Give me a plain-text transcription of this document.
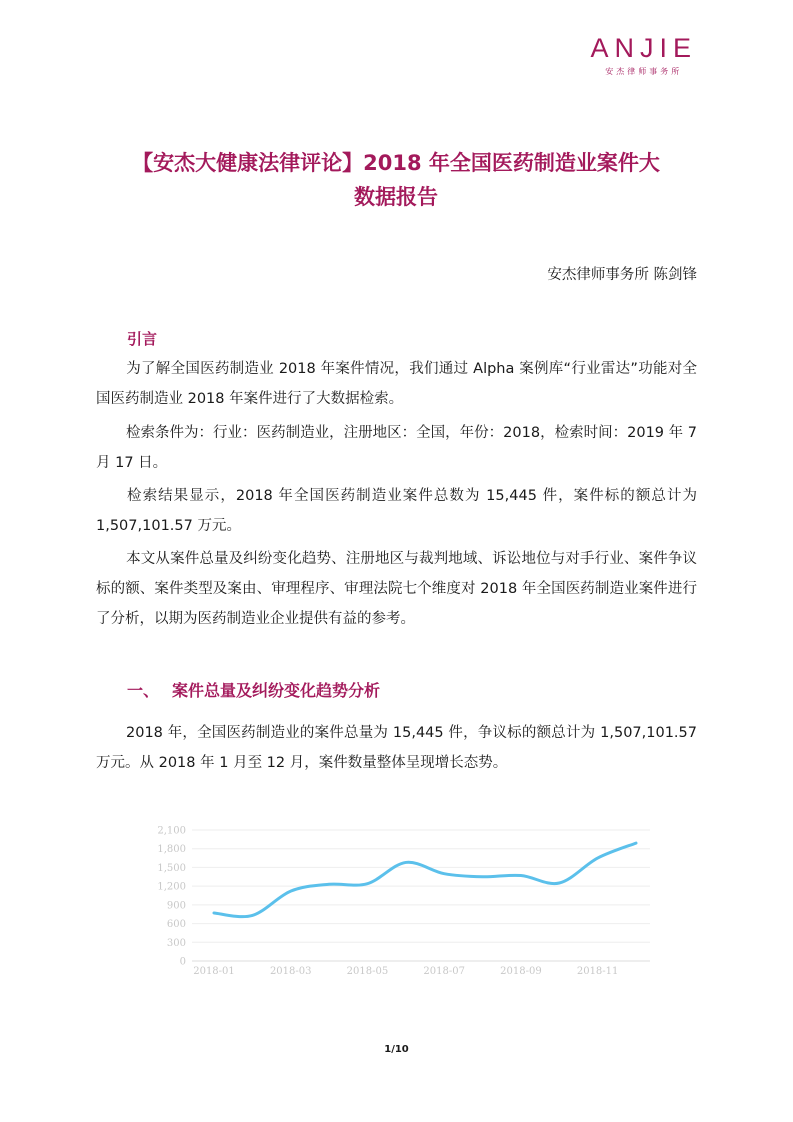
ANJIE
安杰律师事务所
【安杰大健康法律评论】2018 年全国医药制造业案件大
数据报告
安杰律师事务所 陈剑锋
引言
为了解全国医药制造业 2018 年案件情况，我们通过 Alpha 案例库“行业雷达”功能对全国医药制造业 2018 年案件进行了大数据检索。
检索条件为：行业：医药制造业，注册地区：全国，年份：2018，检索时间：2019 年 7 月 17 日。
检索结果显示，2018 年全国医药制造业案件总数为 15,445 件，案件标的额总计为 1,507,101.57 万元。
本文从案件总量及纠纷变化趋势、注册地区与裁判地域、诉讼地位与对手行业、案件争议标的额、案件类型及案由、审理程序、审理法院七个维度对 2018 年全国医药制造业案件进行了分析，以期为医药制造业企业提供有益的参考。
一、 案件总量及纠纷变化趋势分析
2018 年，全国医药制造业的案件总量为 15,445 件，争议标的额总计为 1,507,101.57 万元。从 2018 年 1 月至 12 月，案件数量整体呈现增长态势。
0
300
600
900
1,200
1,500
1,800
2,100
2018-01	2018-03	2018-05	2018-07	2018-09	2018-11
1/10
